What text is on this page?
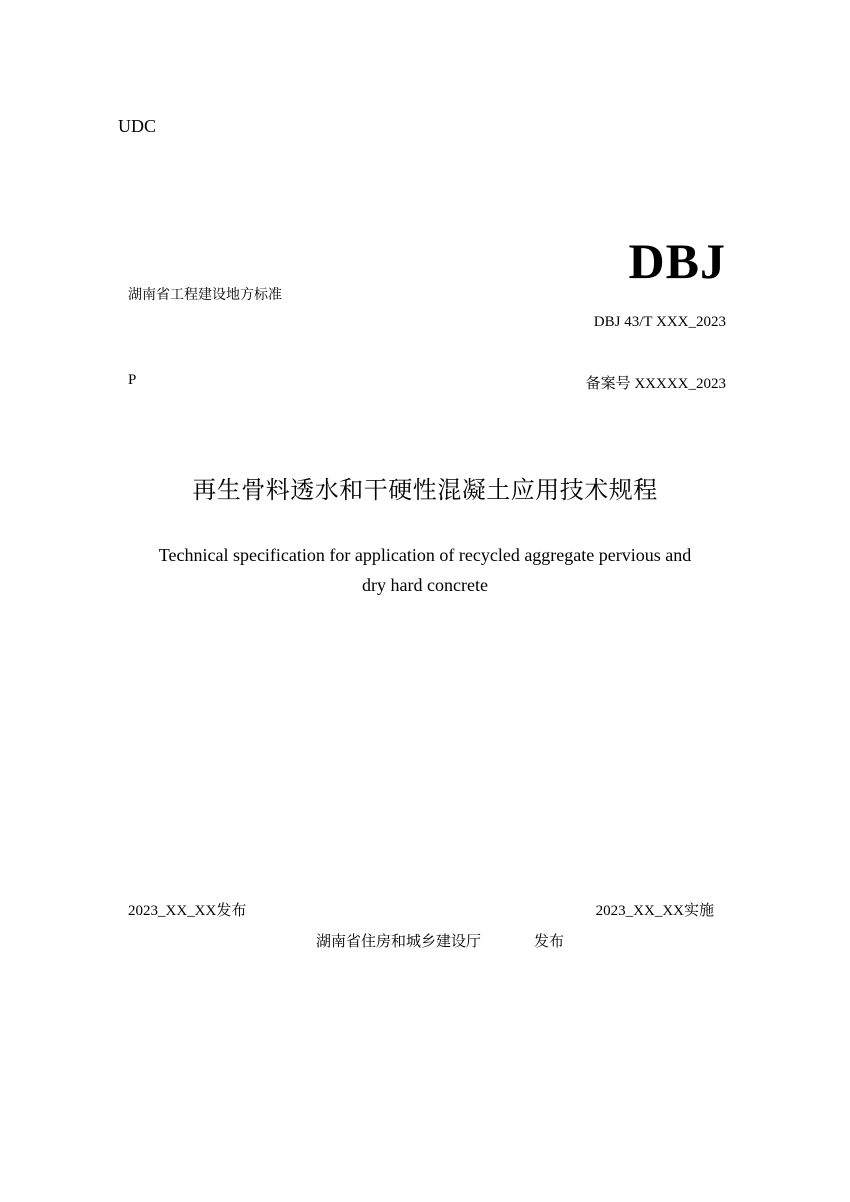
UDC
DBJ
湖南省工程建设地方标准
DBJ 43/T XXX_2023
P	备案号 XXXXX_2023
再生骨料透水和干硬性混凝土应用技术规程
Technical specification for application of recycled aggregate pervious and
dry hard concrete
2023_XX_XX发布	2023_XX_XX实施
湖南省住房和城乡建设厅	发布
